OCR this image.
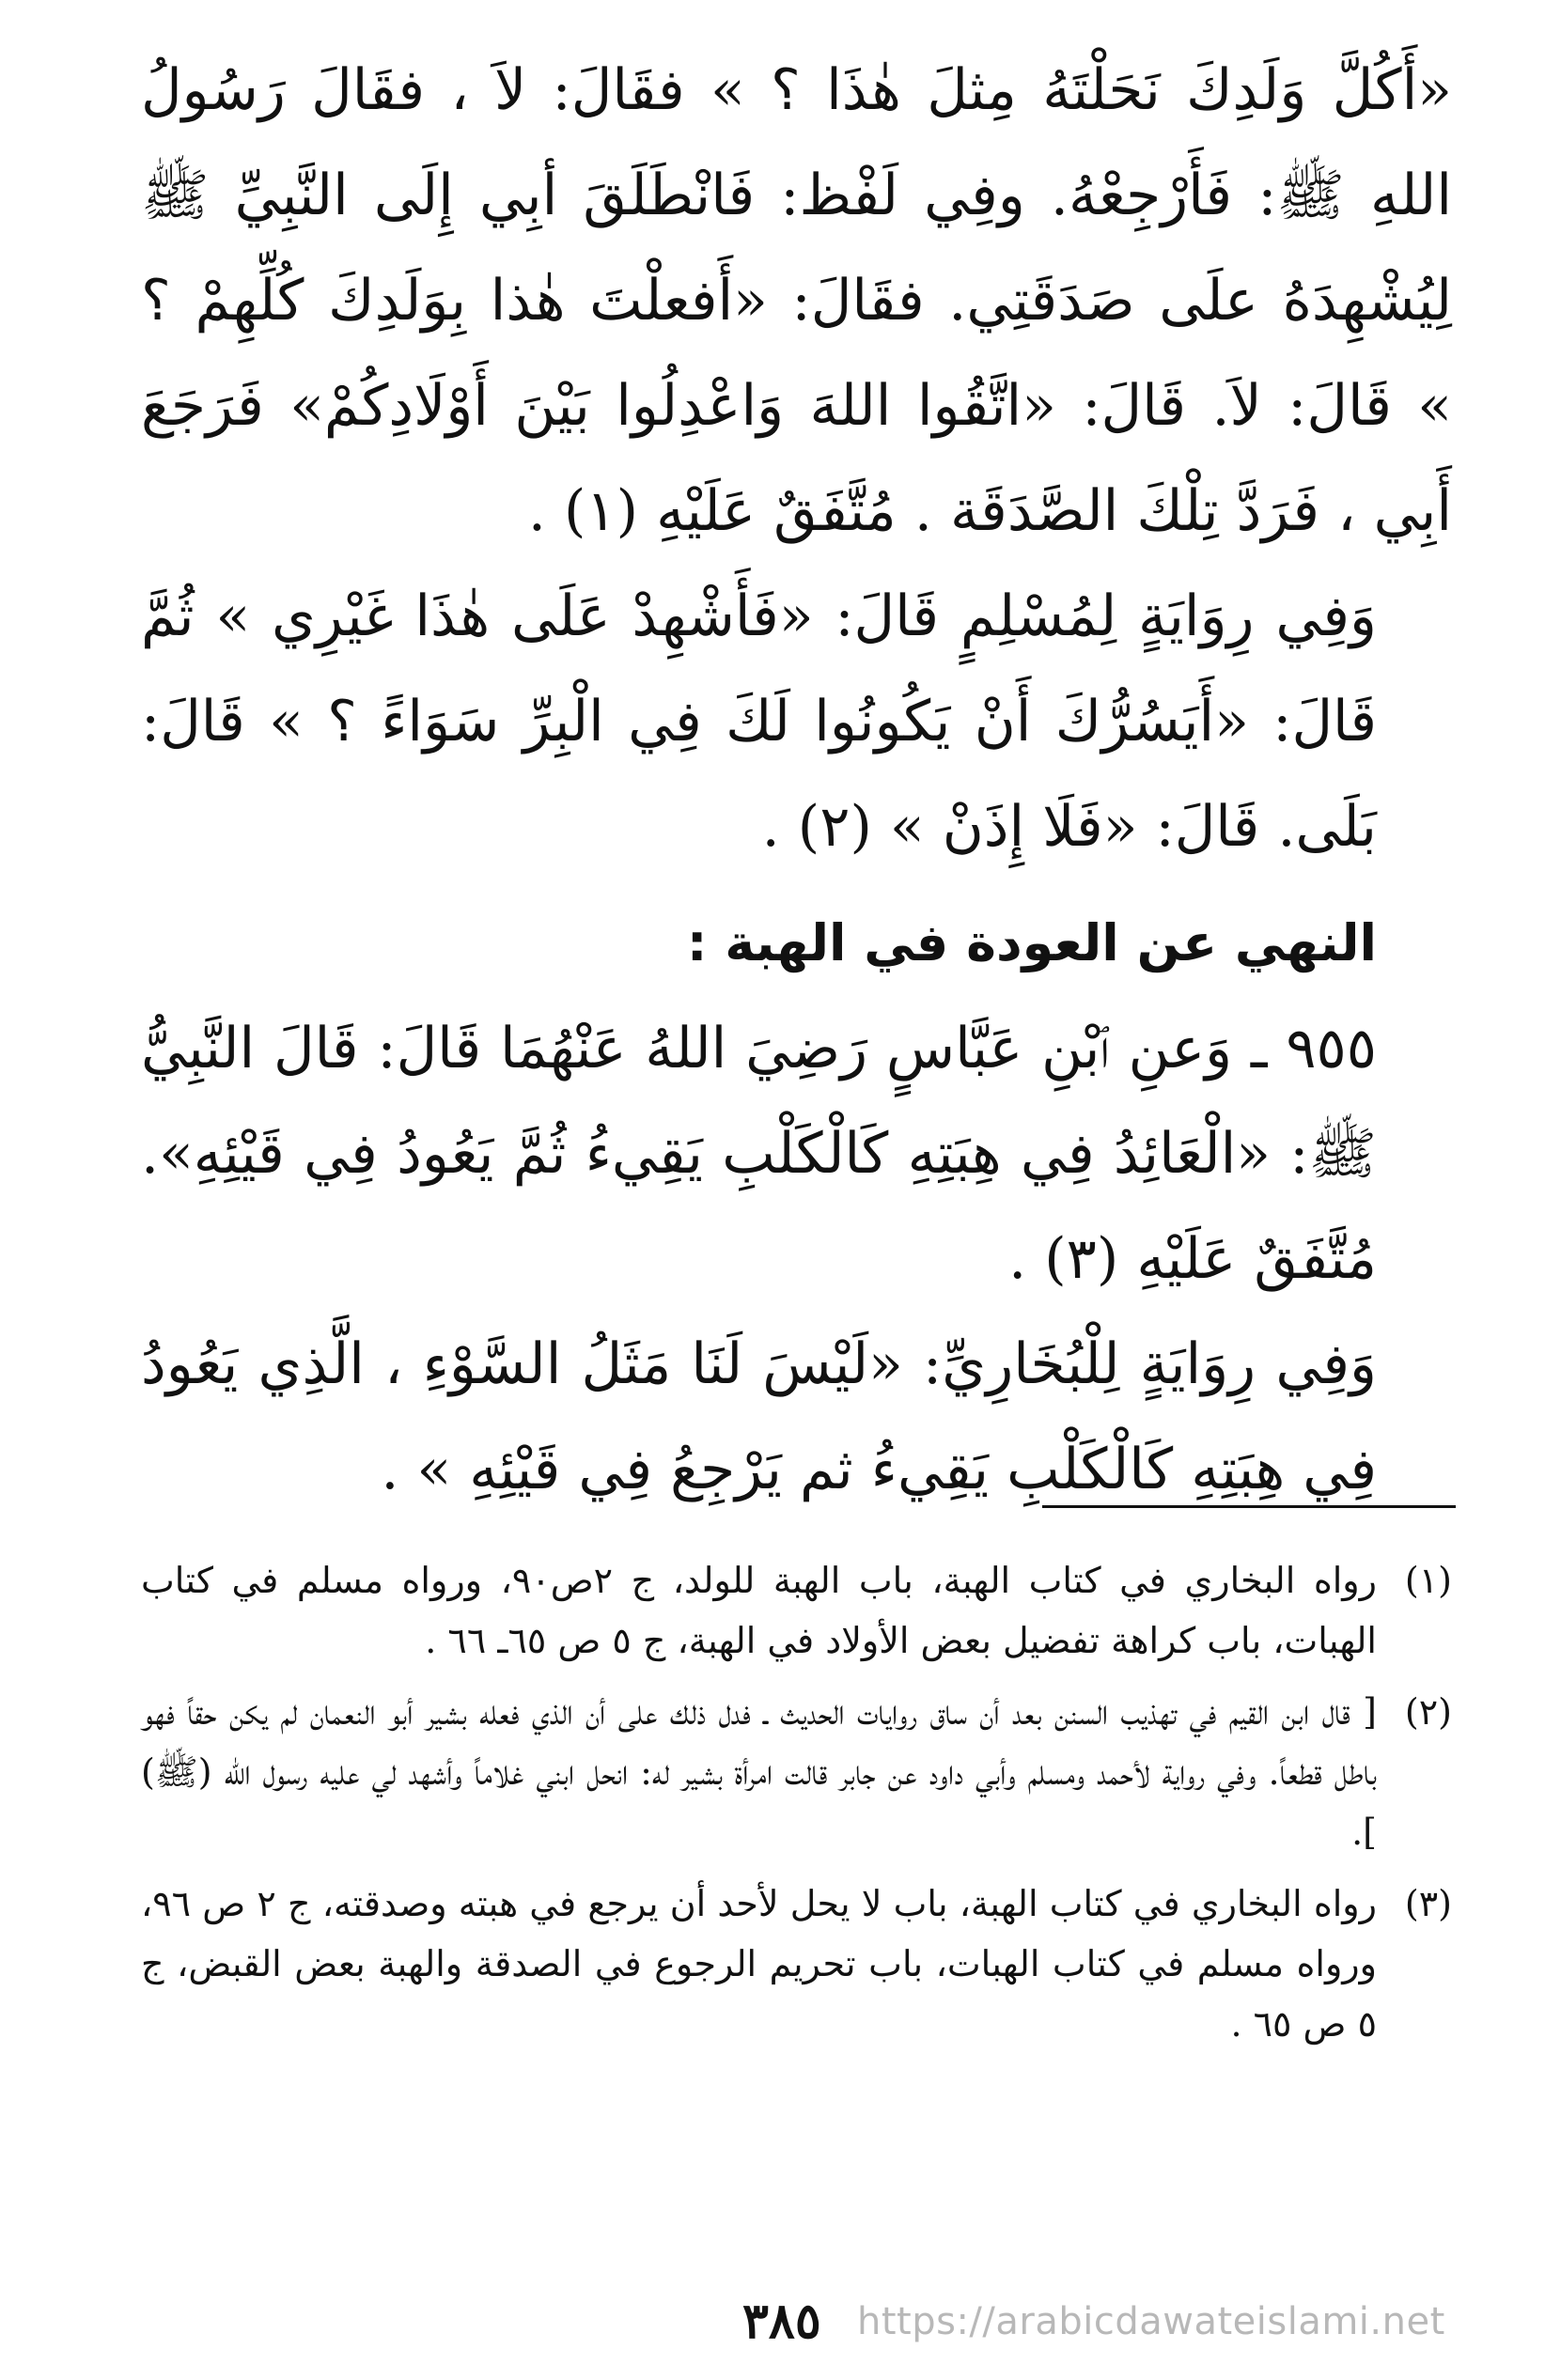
«أَكُلَّ وَلَدِكَ نَحَلْتَهُ مِثلَ هٰذَا ؟ » فقَالَ: لاَ ، فقَالَ رَسُولُ اللهِ ﷺ: فَأَرْجِعْهُ. وفِي لَفْظ: فَانْطَلَقَ أبِي إِلَى النَّبِيِّ ﷺ لِيُشْهِدَهُ علَى صَدَقَتِي. فقَالَ: «أَفعلْتَ هٰذا بِوَلَدِكَ كُلِّهِمْ ؟ » قَالَ: لاَ. قَالَ: «اتَّقُوا اللهَ وَاعْدِلُوا بَيْنَ أَوْلَادِكُمْ» فَرَجَعَ أَبِي ، فَرَدَّ تِلْكَ الصَّدَقَة . مُتَّفَقٌ عَلَيْهِ (١) .

وَفِي رِوَايَةٍ لِمُسْلِمٍ قَالَ: «فَأَشْهِدْ عَلَى هٰذَا غَيْرِي » ثُمَّ قَالَ: «أَيَسُرُّكَ أَنْ يَكُونُوا لَكَ فِي الْبِرِّ سَوَاءً ؟ » قَالَ: بَلَى. قَالَ: «فَلَا إِذَنْ » (٢) .

النهي عن العودة في الهبة :

٩٥٥ ـ وَعنِ ٱبْنِ عَبَّاسٍ رَضِيَ اللهُ عَنْهُمَا قَالَ: قَالَ النَّبِيُّ ﷺ: «الْعَائِدُ فِي هِبَتِهِ كَالْكَلْبِ يَقِيءُ ثُمَّ يَعُودُ فِي قَيْئِهِ». مُتَّفَقٌ عَلَيْهِ (٣) .

وَفِي رِوَايَةٍ لِلْبُخَارِيِّ: «لَيْسَ لَنَا مَثَلُ السَّوْءِ ، الَّذِي يَعُودُ فِي هِبَتِهِ كَالْكَلْبِ يَقِيءُ ثم يَرْجِعُ فِي قَيْئِهِ » .

(١)
رواه البخاري في كتاب الهبة، باب الهبة للولد، ج ٢ص٩٠، ورواه مسلم في كتاب الهبات، باب كراهة تفضيل بعض الأولاد في الهبة، ج ٥ ص ٦٥ـ ٦٦ .
(٢)
[ قال ابن القيم في تهذيب السنن بعد أن ساق روايات الحديث ـ فدل ذلك على أن الذي فعله بشير أبو النعمان لم يكن حقاً فهو باطل قطعاً. وفي رواية لأحمد ومسلم وأبي داود عن جابر قالت امرأة بشير له: انحل ابني غلاماً وأشهد لي عليه رسول الله (ﷺ) ].
(٣)
رواه البخاري في كتاب الهبة، باب لا يحل لأحد أن يرجع في هبته وصدقته، ج ٢ ص ٩٦، ورواه مسلم في كتاب الهبات، باب تحريم الرجوع في الصدقة والهبة بعض القبض، ج ٥ ص ٦٥ .
٣٨٥ https://arabicdawateislami.net
